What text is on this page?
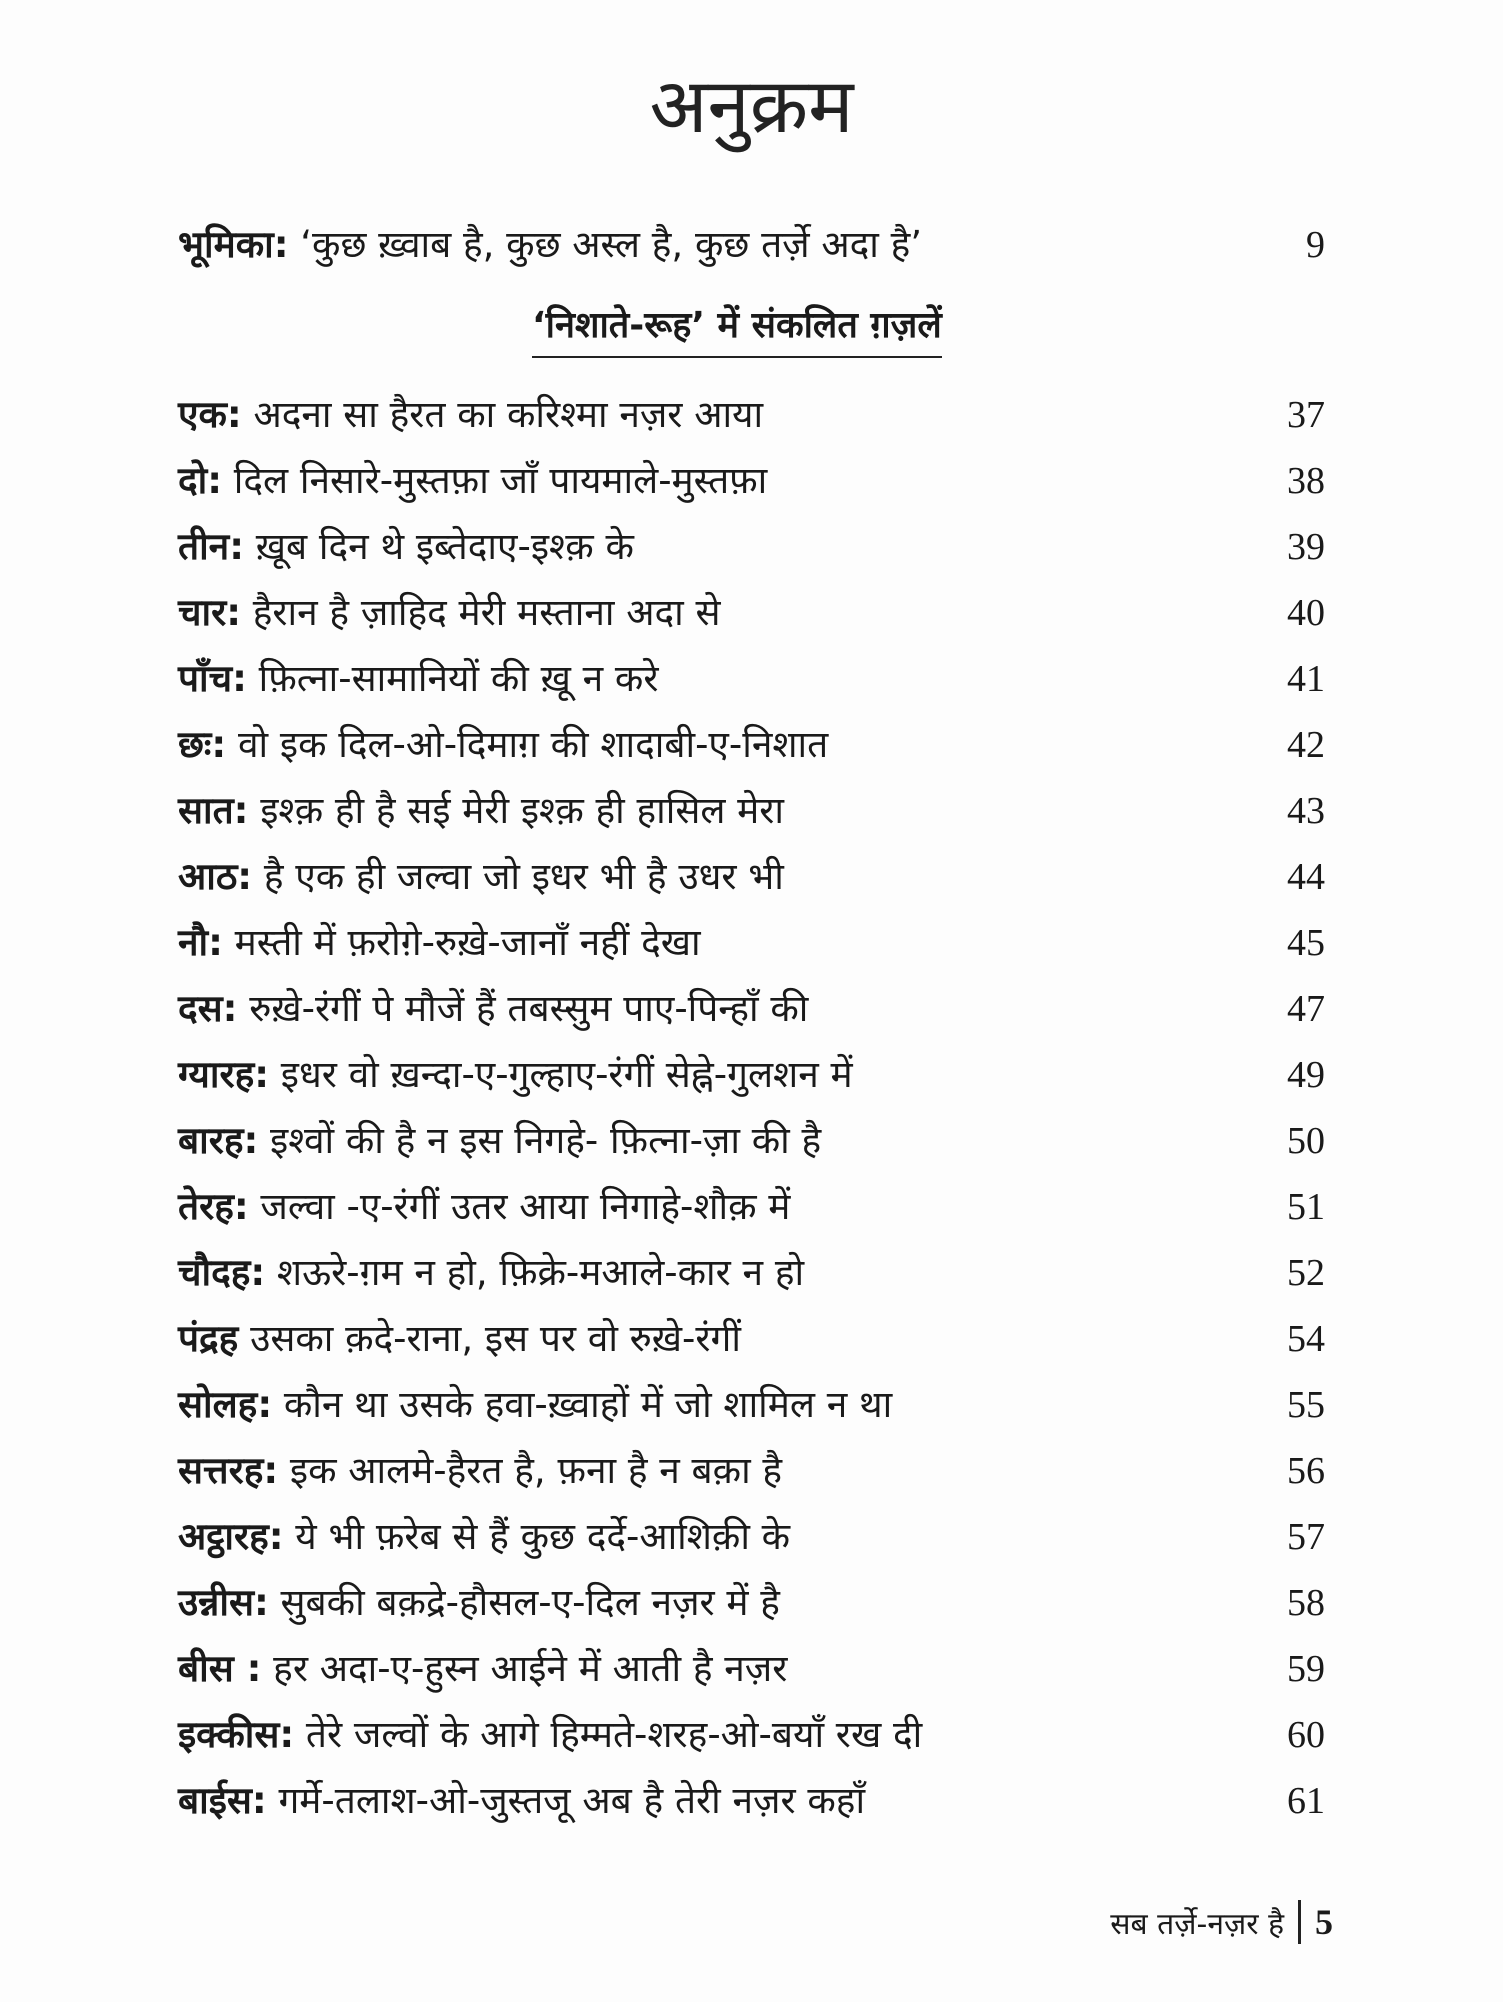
अनुक्रम
भूमिका: ‘कुछ ख़्वाब है, कुछ अस्ल है, कुछ तर्ज़े अदा है’	9
‘निशाते-रूह’ में संकलित ग़ज़लें
एक: अदना सा हैरत का करिश्मा नज़र आया	37
दो: दिल निसारे-मुस्तफ़ा जाँ पायमाले-मुस्तफ़ा	38
तीन: ख़ूब दिन थे इब्तेदाए-इश्क़ के	39
चार: हैरान है ज़ाहिद मेरी मस्ताना अदा से	40
पाँच: फ़ित्ना-सामानियों की ख़ू न करे	41
छः: वो इक दिल-ओ-दिमाग़ की शादाबी-ए-निशात	42
सात: इश्क़ ही है सई मेरी इश्क़ ही हासिल मेरा	43
आठ: है एक ही जल्वा जो इधर भी है उधर भी	44
नौ: मस्ती में फ़रोग़े-रुख़े-जानाँ नहीं देखा	45
दस: रुख़े-रंगीं पे मौजें हैं तबस्सुम पाए-पिन्हाँ की	47
ग्यारह: इधर वो ख़न्दा-ए-गुल्हाए-रंगीं सेह्ने-गुलशन में	49
बारह: इश्वों की है न इस निगहे- फ़ित्ना-ज़ा की है	50
तेरह: जल्वा -ए-रंगीं उतर आया निगाहे-शौक़ में	51
चौदह: शऊरे-ग़म न हो, फ़िक्रे-मआले-कार न हो	52
पंद्रह उसका क़दे-राना, इस पर वो रुख़े-रंगीं	54
सोलह: कौन था उसके हवा-ख़्वाहों में जो शामिल न था	55
सत्तरह: इक आलमे-हैरत है, फ़ना है न बक़ा है	56
अट्ठारह: ये भी फ़रेब से हैं कुछ दर्दे-आशिक़ी के	57
उन्नीस: सुबकी बक़द्रे-हौसल-ए-दिल नज़र में है	58
बीस : हर अदा-ए-हुस्न आईने में आती है नज़र	59
इक्कीस: तेरे जल्वों के आगे हिम्मते-शरह-ओ-बयाँ रख दी	60
बाईस: गर्मे-तलाश-ओ-जुस्तजू अब है तेरी नज़र कहाँ	61
सब तर्ज़े-नज़र है 5
